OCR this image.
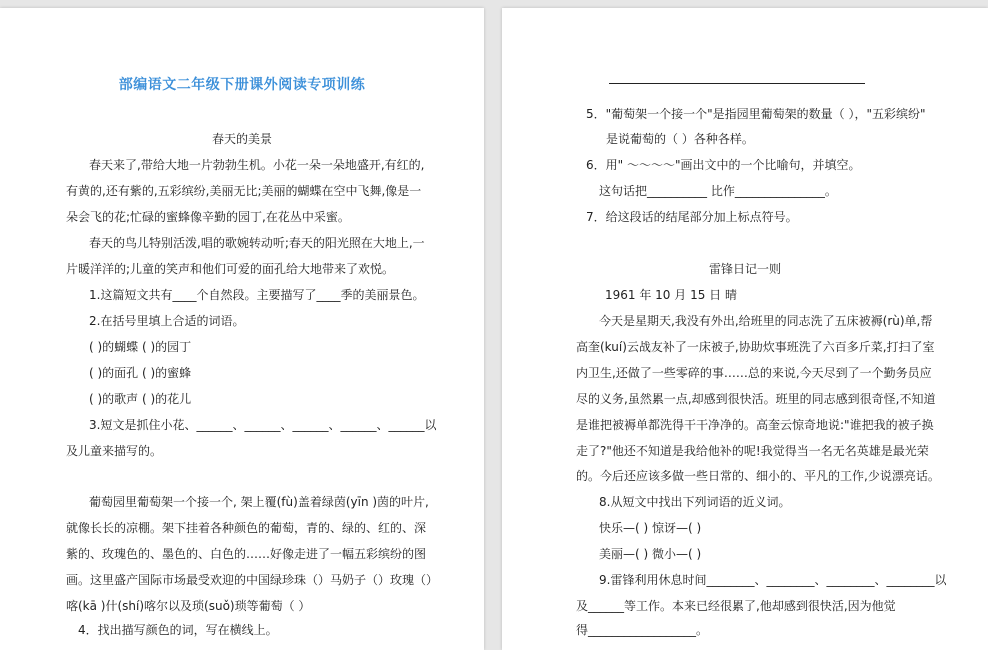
部编语文二年级下册课外阅读专项训练
春天的美景
春天来了,带给大地一片勃勃生机。小花一朵一朵地盛开,有红的,
有黄的,还有紫的,五彩缤纷,美丽无比;美丽的蝴蝶在空中飞舞,像是一
朵会飞的花;忙碌的蜜蜂像辛勤的园丁,在花丛中采蜜。
春天的鸟儿特别活泼,唱的歌婉转动听;春天的阳光照在大地上,一
片暖洋洋的;儿童的笑声和他们可爱的面孔给大地带来了欢悦。
1.这篇短文共有____个自然段。主要描写了____季的美丽景色。
2.在括号里填上合适的词语。
( )的蝴蝶 ( )的园丁
( )的面孔 ( )的蜜蜂
( )的歌声 ( )的花儿
3.短文是抓住小花、______、______、______、______、______以
及儿童来描写的。
葡萄园里葡萄架一个接一个, 架上覆(fù)盖着绿茵(yīn )茵的叶片,
就像长长的凉棚。架下挂着各种颜色的葡萄，青的、绿的、红的、深
紫的、玫瑰色的、墨色的、白色的……好像走进了一幅五彩缤纷的图
画。这里盛产国际市场最受欢迎的中国绿珍珠（）马奶子（）玫瑰（）
喀(kā )什(shí)喀尔以及琐(suǒ)琐等葡萄（ ）
4．找出描写颜色的词，写在横线上。
5．"葡萄架一个接一个"是指园里葡萄架的数量（ ），"五彩缤纷"
是说葡萄的（ ）各种各样。
6．用" ～～～～"画出文中的一个比喻句，并填空。
这句话把__________ 比作_______________。
7．给这段话的结尾部分加上标点符号。
雷锋日记一则
1961 年 10 月 15 日 晴
今天是星期天,我没有外出,给班里的同志洗了五床被褥(rù)单,帮
高奎(kuí)云战友补了一床被子,协助炊事班洗了六百多斤菜,打扫了室
内卫生,还做了一些零碎的事……总的来说,今天尽到了一个勤务员应
尽的义务,虽然累一点,却感到很快活。班里的同志感到很奇怪,不知道
是谁把被褥单都洗得干干净净的。高奎云惊奇地说:"谁把我的被子换
走了?"他还不知道是我给他补的呢!我觉得当一名无名英雄是最光荣
的。今后还应该多做一些日常的、细小的、平凡的工作,少说漂亮话。
8.从短文中找出下列词语的近义词。
快乐—( ) 惊讶—( )
美丽—( ) 微小—( )
9.雷锋利用休息时间________、________、________、________以
及______等工作。本来已经很累了,他却感到很快活,因为他觉
得__________________。
